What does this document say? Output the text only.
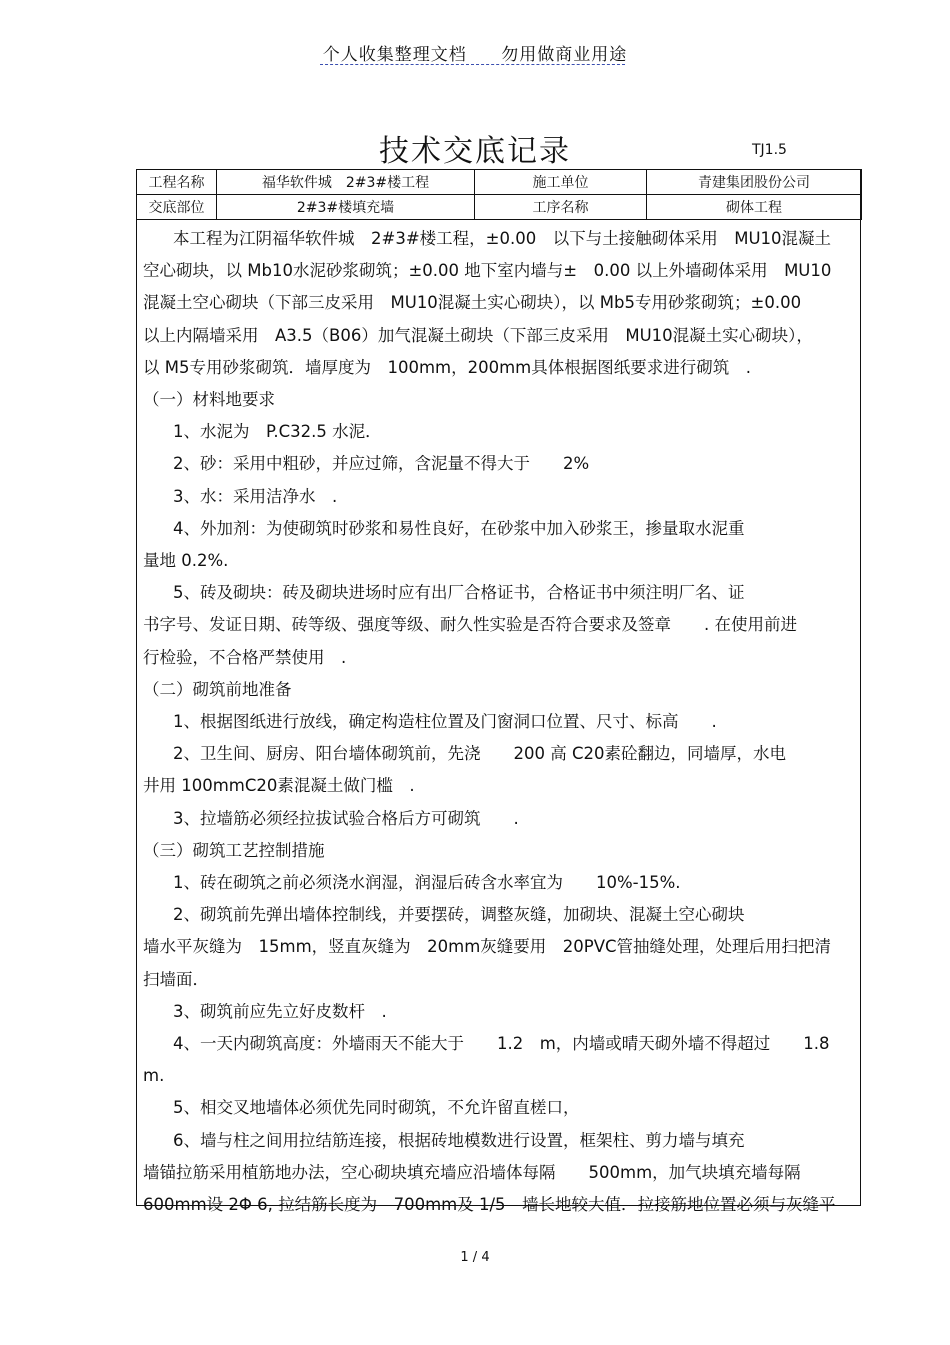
个人收集整理文档 勿用做商业用途
技术交底记录	TJ1.5
工程名称	福华软件城　2#3#楼工程	施工单位	青建集团股份公司
交底部位	2#3#楼填充墙	工序名称	砌体工程

本工程为江阴福华软件城　2#3#楼工程，±0.00　以下与土接触砌体采用　MU10混凝土

空心砌块，以 Mb10水泥砂浆砌筑；±0.00 地下室内墙与±　0.00 以上外墙砌体采用　MU10

混凝土空心砌块（下部三皮采用　MU10混凝土实心砌块），以 Mb5专用砂浆砌筑；±0.00

以上内隔墙采用　A3.5（B06）加气混凝土砌块（下部三皮采用　MU10混凝土实心砌块），

以 M5专用砂浆砌筑．墙厚度为　100mm，200mm具体根据图纸要求进行砌筑　.

（一）材料地要求

1、水泥为　P.C32.5 水泥．

2、砂：采用中粗砂，并应过筛，含泥量不得大于　　2%

3、水：采用洁净水　.

4、外加剂：为使砌筑时砂浆和易性良好，在砂浆中加入砂浆王，掺量取水泥重

量地 0.2%.

5、砖及砌块：砖及砌块进场时应有出厂合格证书，合格证书中须注明厂名、证

书字号、发证日期、砖等级、强度等级、耐久性实验是否符合要求及签章　　. 在使用前进

行检验，不合格严禁使用　.

（二）砌筑前地准备

1、根据图纸进行放线，确定构造柱位置及门窗洞口位置、尺寸、标高　　.

2、卫生间、厨房、阳台墙体砌筑前，先浇　　200 高 C20素砼翻边，同墙厚，水电

井用 100mmC20素混凝土做门槛　.

3、拉墙筋必须经拉拔试验合格后方可砌筑　　.

（三）砌筑工艺控制措施

1、砖在砌筑之前必须浇水润湿，润湿后砖含水率宜为　　10%-15%.

2、砌筑前先弹出墙体控制线，并要摆砖，调整灰缝，加砌块、混凝土空心砌块

墙水平灰缝为　15mm，竖直灰缝为　20mm灰缝要用　20PVC管抽缝处理，处理后用扫把清

扫墙面．

3、砌筑前应先立好皮数杆　.

4、一天内砌筑高度：外墙雨天不能大于　　1.2　m，内墙或晴天砌外墙不得超过　　1.8

m.

5、相交叉地墙体必须优先同时砌筑，不允许留直槎口，

6、墙与柱之间用拉结筋连接，根据砖地模数进行设置，框架柱、剪力墙与填充

墙锚拉筋采用植筋地办法，空心砌块填充墙应沿墙体每隔　　500mm，加气块填充墙每隔

600mm设 2Φ 6, 拉结筋长度为　700mm及 1/5　墙长地较大值．拉接筋地位置必须与灰缝平

1 / 4
